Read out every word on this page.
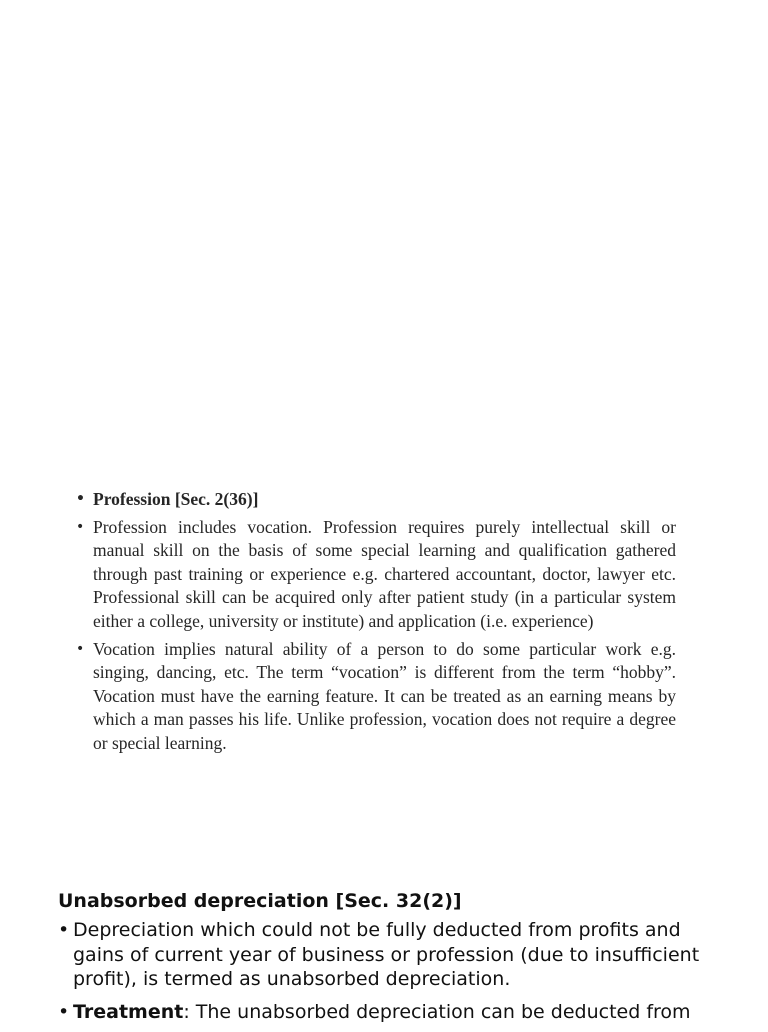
• Profession [Sec. 2(36)]
• Profession includes vocation. Profession requires purely intellectual skill or manual skill on the basis of some special learning and qualification gathered through past training or experience e.g. chartered accountant, doctor, lawyer etc. Professional skill can be acquired only after patient study (in a particular system either a college, university or institute) and application (i.e. experience)
• Vocation implies natural ability of a person to do some particular work e.g. singing, dancing, etc. The term “vocation” is different from the term “hobby”. Vocation must have the earning feature. It can be treated as an earning means by which a man passes his life. Unlike profession, vocation does not require a degree or special learning.
Unabsorbed depreciation [Sec. 32(2)]
• Depreciation which could not be fully deducted from profits and gains of current year of business or profession (due to insufficient profit), is termed as unabsorbed depreciation.
• Treatment: The unabsorbed depreciation can be deducted from
